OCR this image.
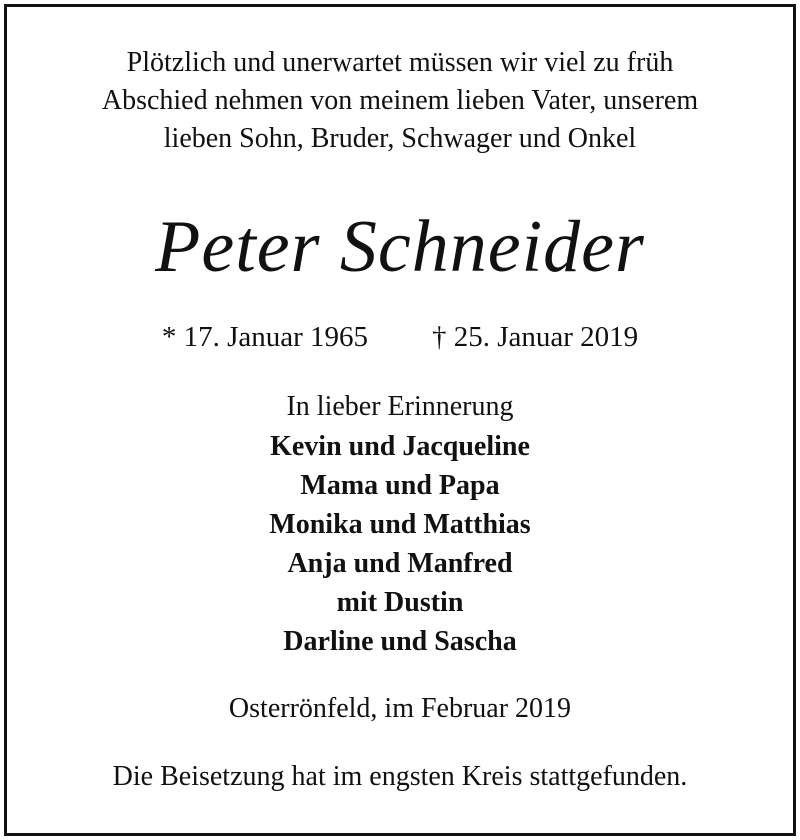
Plötzlich und unerwartet müssen wir viel zu früh
Abschied nehmen von meinem lieben Vater, unserem
lieben Sohn, Bruder, Schwager und Onkel
Peter Schneider
* 17. Januar 1965 † 25. Januar 2019
In lieber Erinnerung
Kevin und Jacqueline
Mama und Papa
Monika und Matthias
Anja und Manfred
mit Dustin
Darline und Sascha
Osterrönfeld, im Februar 2019
Die Beisetzung hat im engsten Kreis stattgefunden.
